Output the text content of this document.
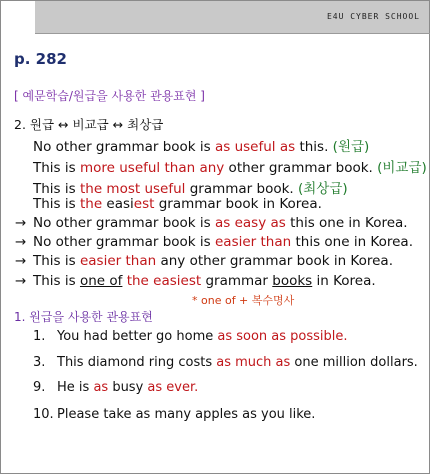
E4U CYBER SCHOOL
p. 282
[ 예문학습/원급을 사용한 관용표현 ]
2. 원급 ↔ 비교급 ↔ 최상급
No other grammar book is as useful as this. (원급)
This is more useful than any other grammar book. (비교급)
This is the most useful grammar book. (최상급)
This is the easiest grammar book in Korea.
→ No other grammar book is as easy as this one in Korea.
→ No other grammar book is easier than this one in Korea.
→ This is easier than any other grammar book in Korea.
→ This is one of the easiest grammar books in Korea.
* one of + 복수명사
1. 원급을 사용한 관용표현
1. You had better go home as soon as possible.
3. This diamond ring costs as much as one million dollars.
9. He is as busy as ever.
10. Please take as many apples as you like.
